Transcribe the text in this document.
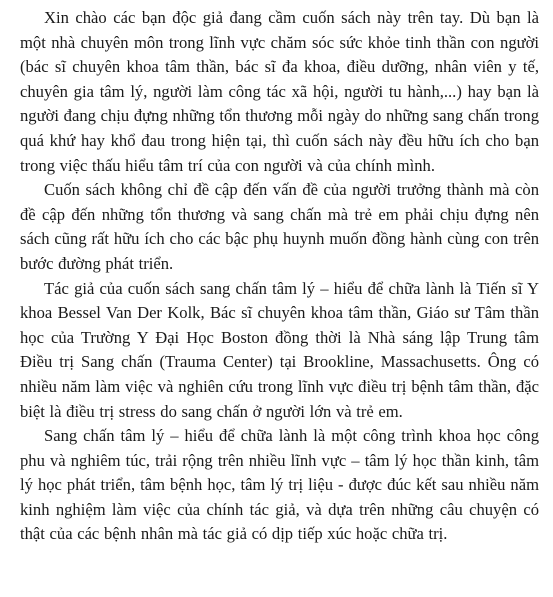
Xin chào các bạn độc giả đang cầm cuốn sách này trên tay. Dù bạn là một nhà chuyên môn trong lĩnh vực chăm sóc sức khỏe tinh thần con người (bác sĩ chuyên khoa tâm thần, bác sĩ đa khoa, điều dưỡng, nhân viên y tế, chuyên gia tâm lý, người làm công tác xã hội, người tu hành,...) hay bạn là người đang chịu đựng những tổn thương mỗi ngày do những sang chấn trong quá khứ hay khổ đau trong hiện tại, thì cuốn sách này đều hữu ích cho bạn trong việc thấu hiểu tâm trí của con người và của chính mình.

Cuốn sách không chỉ đề cập đến vấn đề của người trưởng thành mà còn đề cập đến những tổn thương và sang chấn mà trẻ em phải chịu đựng nên sách cũng rất hữu ích cho các bậc phụ huynh muốn đồng hành cùng con trên bước đường phát triển.

Tác giả của cuốn sách sang chấn tâm lý – hiểu để chữa lành là Tiến sĩ Y khoa Bessel Van Der Kolk, Bác sĩ chuyên khoa tâm thần, Giáo sư Tâm thần học của Trường Y Đại Học Boston đồng thời là Nhà sáng lập Trung tâm Điều trị Sang chấn (Trauma Center) tại Brookline, Massachusetts. Ông có nhiều năm làm việc và nghiên cứu trong lĩnh vực điều trị bệnh tâm thần, đặc biệt là điều trị stress do sang chấn ở người lớn và trẻ em.

Sang chấn tâm lý – hiểu để chữa lành là một công trình khoa học công phu và nghiêm túc, trải rộng trên nhiều lĩnh vực – tâm lý học thần kinh, tâm lý học phát triển, tâm bệnh học, tâm lý trị liệu - được đúc kết sau nhiều năm kinh nghiệm làm việc của chính tác giả, và dựa trên những câu chuyện có thật của các bệnh nhân mà tác giả có dịp tiếp xúc hoặc chữa trị.
